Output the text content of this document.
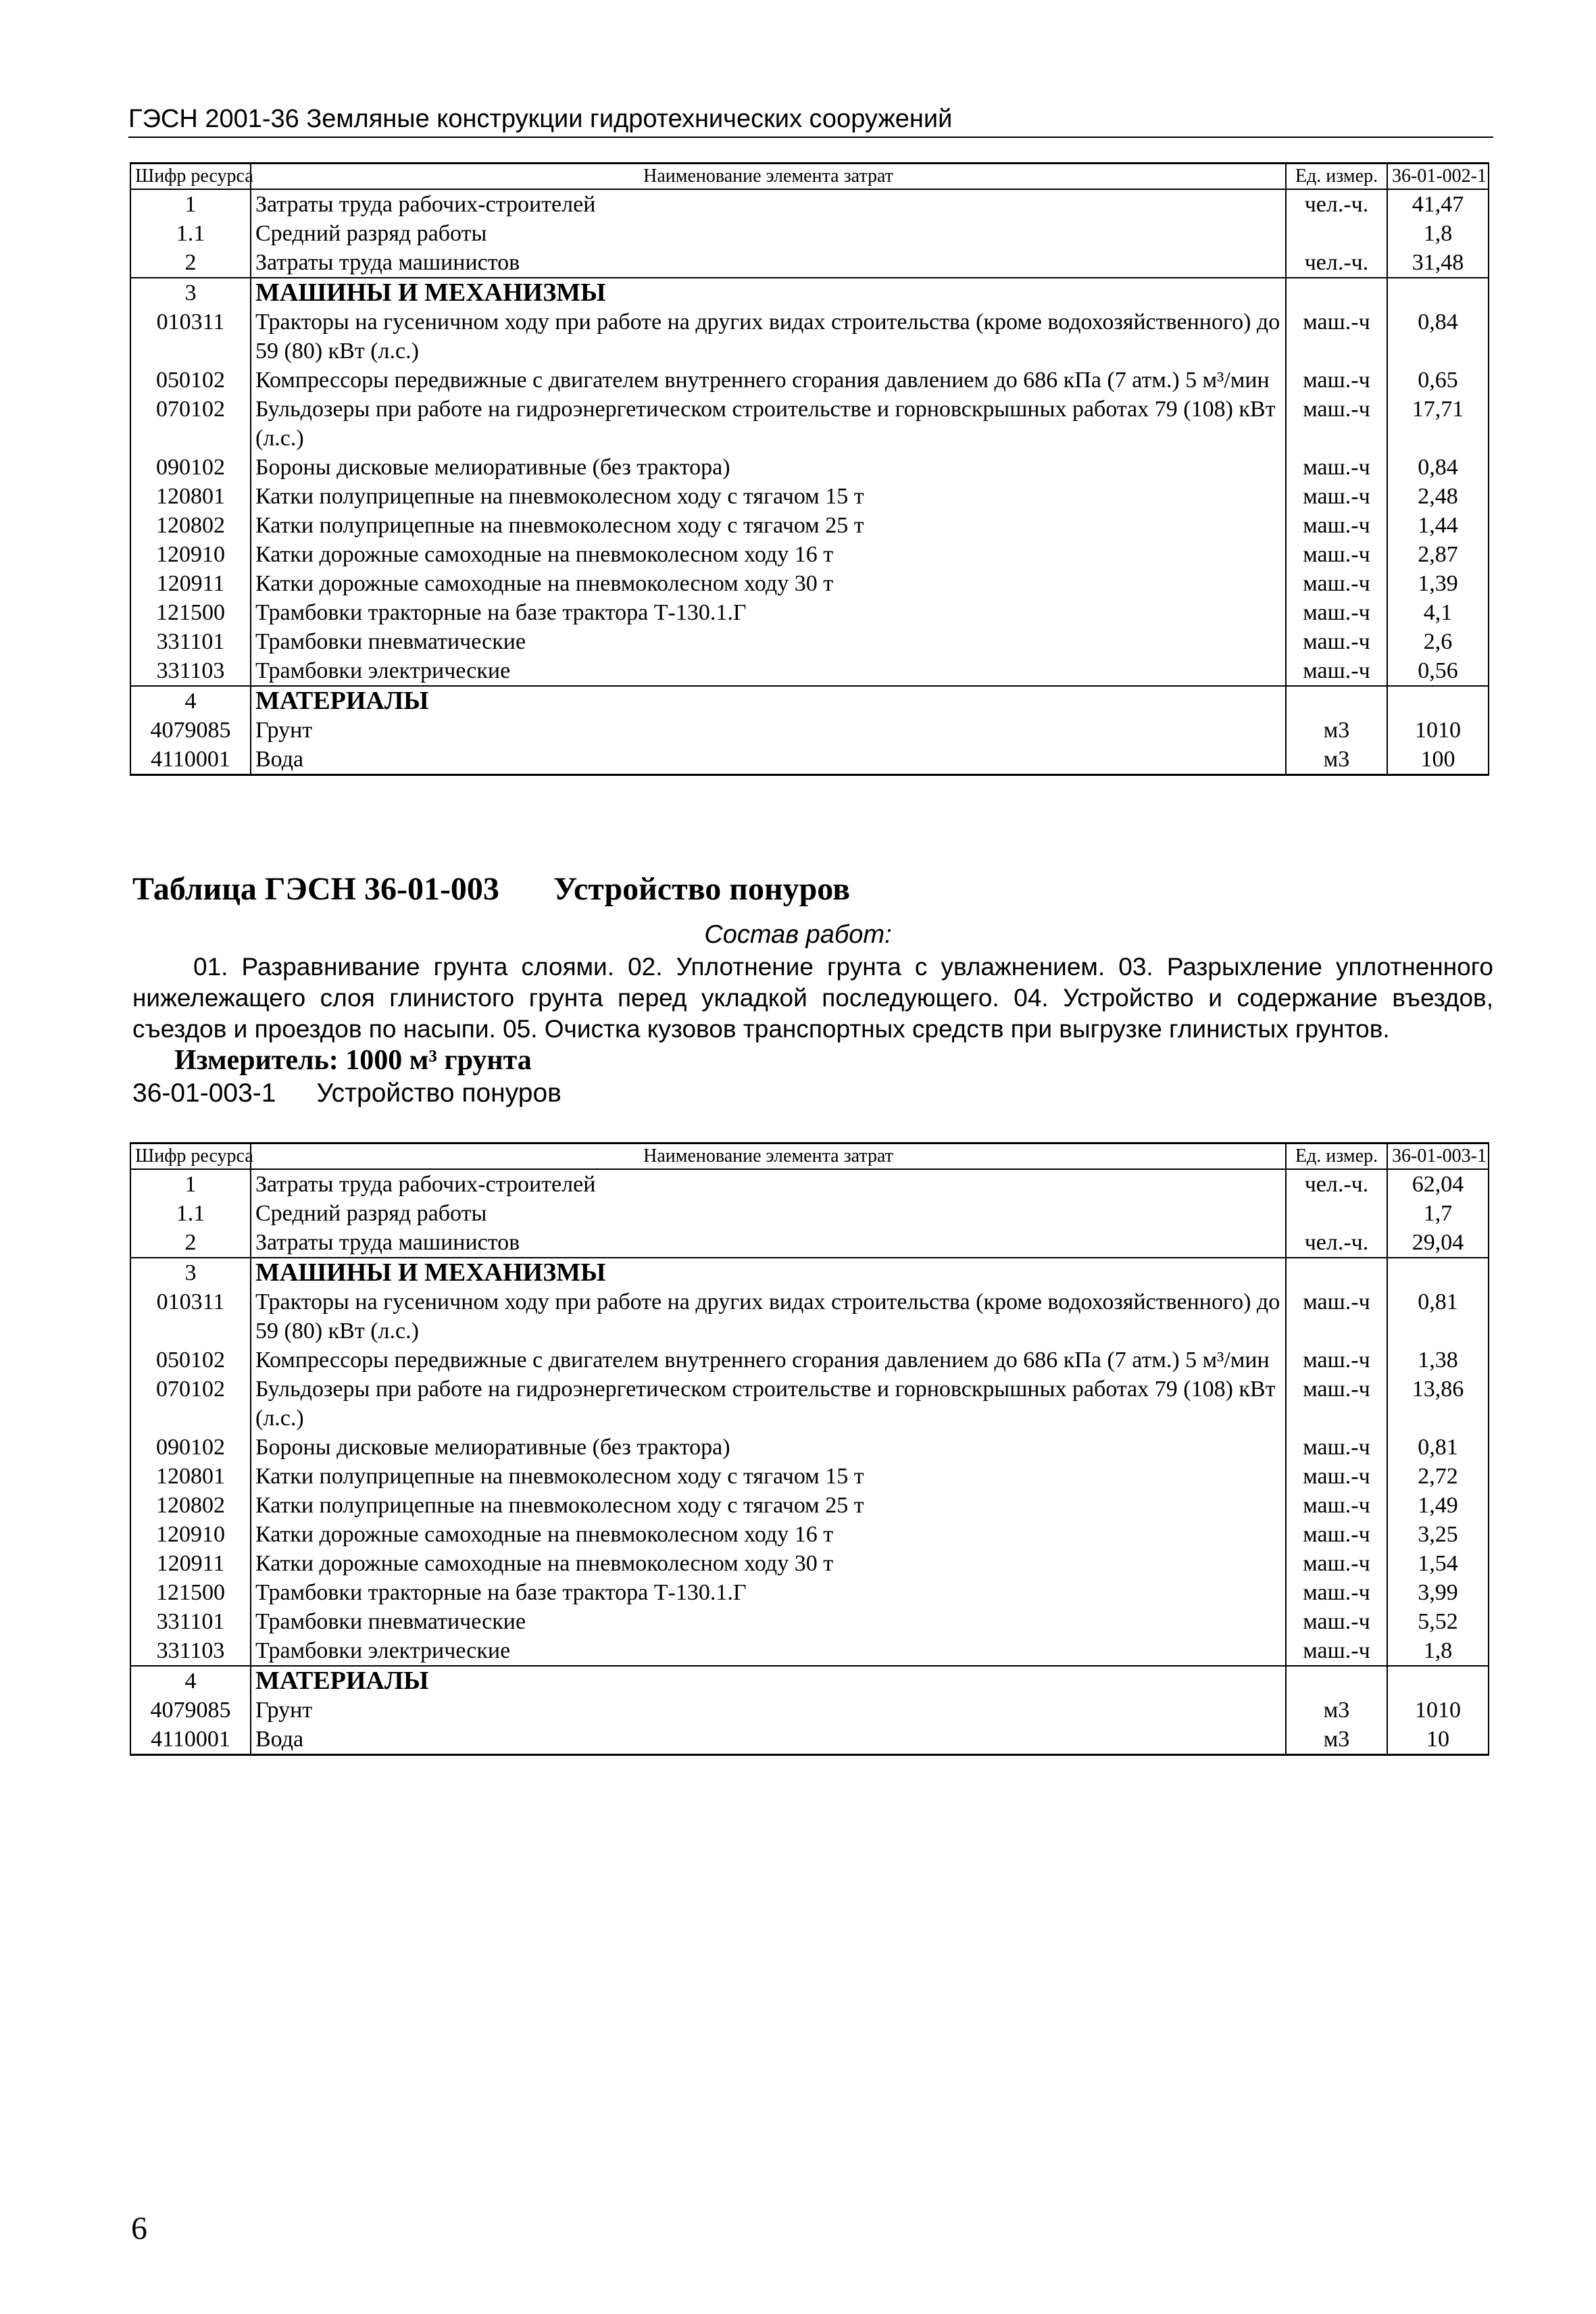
ГЭСН 2001-36 Земляные конструкции гидротехнических сооружений
Шифр ресурса	Наименование элемента затрат	Ед. измер.	36-01-002-1
1	Затраты труда рабочих-строителей	чел.-ч.	41,47
1.1	Средний разряд работы		1,8
2	Затраты труда машинистов	чел.-ч.	31,48
3	МАШИНЫ И МЕХАНИЗМЫ		
010311	Тракторы на гусеничном ходу при работе на других видах строительства (кроме водохозяйственного) до 59 (80) кВт (л.с.)	маш.-ч	0,84
050102	Компрессоры передвижные с двигателем внутреннего сгорания давлением до 686 кПа (7 атм.) 5 м³/мин	маш.-ч	0,65
070102	Бульдозеры при работе на гидроэнергетическом строительстве и горновскрышных работах 79 (108) кВт (л.с.)	маш.-ч	17,71
090102	Бороны дисковые мелиоративные (без трактора)	маш.-ч	0,84
120801	Катки полуприцепные на пневмоколесном ходу с тягачом 15 т	маш.-ч	2,48
120802	Катки полуприцепные на пневмоколесном ходу с тягачом 25 т	маш.-ч	1,44
120910	Катки дорожные самоходные на пневмоколесном ходу 16 т	маш.-ч	2,87
120911	Катки дорожные самоходные на пневмоколесном ходу 30 т	маш.-ч	1,39
121500	Трамбовки тракторные на базе трактора Т-130.1.Г	маш.-ч	4,1
331101	Трамбовки пневматические	маш.-ч	2,6
331103	Трамбовки электрические	маш.-ч	0,56
4	МАТЕРИАЛЫ		
4079085	Грунт	м3	1010
4110001	Вода	м3	100
Таблица ГЭСН 36-01-003 Устройство понуров
Состав работ:
01. Разравнивание грунта слоями. 02. Уплотнение грунта с увлажнением. 03. Разрыхление уплотненного нижележащего слоя глинистого грунта перед укладкой последующего. 04. Устройство и содержание въездов, съездов и проездов по насыпи. 05. Очистка кузовов транспортных средств при выгрузке глинистых грунтов.
Измеритель: 1000 м³ грунта
36-01-003-1 Устройство понуров
Шифр ресурса	Наименование элемента затрат	Ед. измер.	36-01-003-1
1	Затраты труда рабочих-строителей	чел.-ч.	62,04
1.1	Средний разряд работы		1,7
2	Затраты труда машинистов	чел.-ч.	29,04
3	МАШИНЫ И МЕХАНИЗМЫ		
010311	Тракторы на гусеничном ходу при работе на других видах строительства (кроме водохозяйственного) до 59 (80) кВт (л.с.)	маш.-ч	0,81
050102	Компрессоры передвижные с двигателем внутреннего сгорания давлением до 686 кПа (7 атм.) 5 м³/мин	маш.-ч	1,38
070102	Бульдозеры при работе на гидроэнергетическом строительстве и горновскрышных работах 79 (108) кВт (л.с.)	маш.-ч	13,86
090102	Бороны дисковые мелиоративные (без трактора)	маш.-ч	0,81
120801	Катки полуприцепные на пневмоколесном ходу с тягачом 15 т	маш.-ч	2,72
120802	Катки полуприцепные на пневмоколесном ходу с тягачом 25 т	маш.-ч	1,49
120910	Катки дорожные самоходные на пневмоколесном ходу 16 т	маш.-ч	3,25
120911	Катки дорожные самоходные на пневмоколесном ходу 30 т	маш.-ч	1,54
121500	Трамбовки тракторные на базе трактора Т-130.1.Г	маш.-ч	3,99
331101	Трамбовки пневматические	маш.-ч	5,52
331103	Трамбовки электрические	маш.-ч	1,8
4	МАТЕРИАЛЫ		
4079085	Грунт	м3	1010
4110001	Вода	м3	10
6
